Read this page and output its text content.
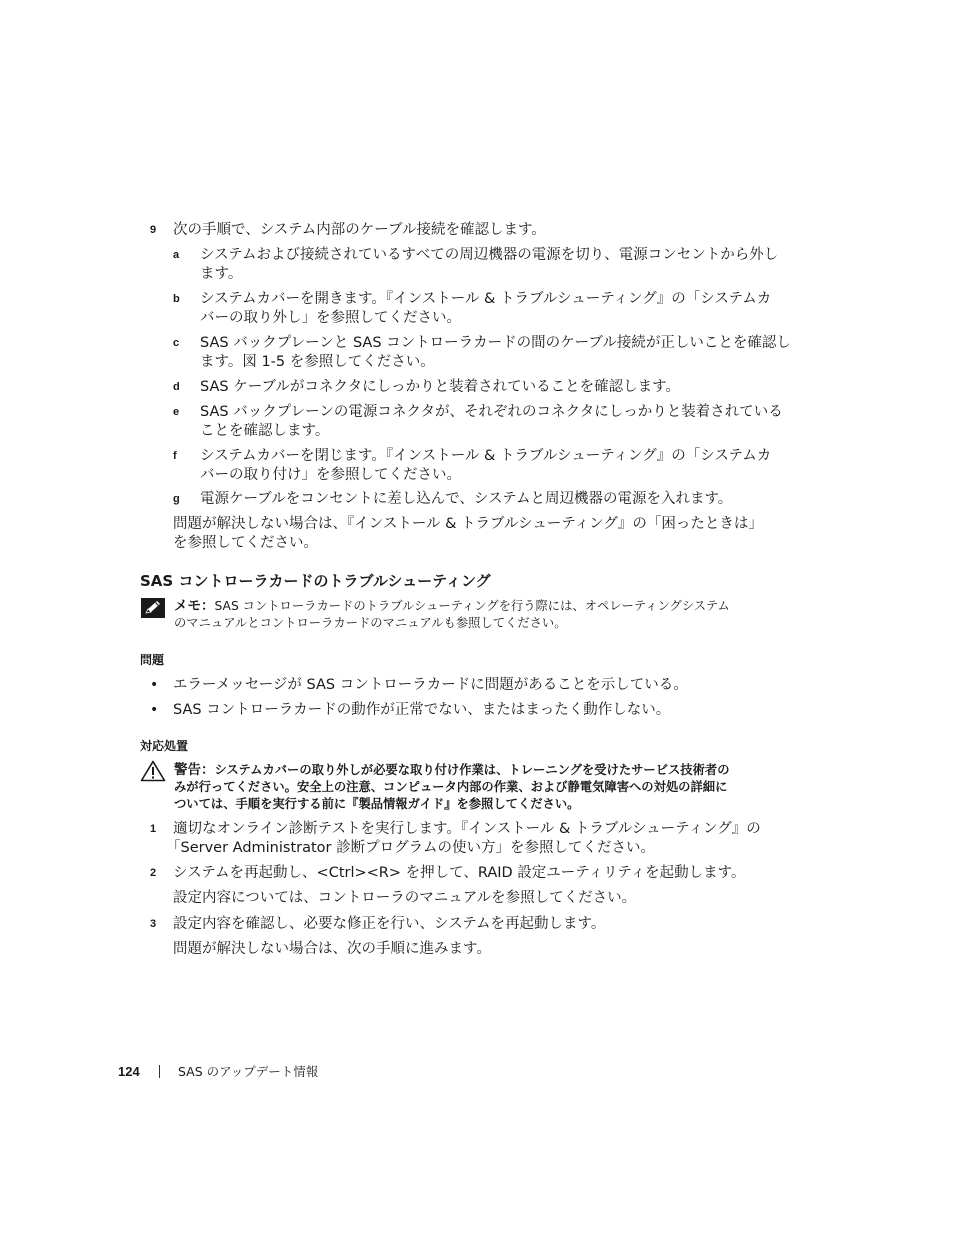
9 次の手順で、システム内部のケーブル接続を確認します。
a システムおよび接続されているすべての周辺機器の電源を切り、電源コンセントから外し
ます。
b システムカバーを開きます。『インストール & トラブルシューティング』の「システムカ
バーの取り外し」を参照してください。
c SAS バックプレーンと SAS コントローラカードの間のケーブル接続が正しいことを確認し
ます。図 1-5 を参照してください。
d SAS ケーブルがコネクタにしっかりと装着されていることを確認します。
e SAS バックプレーンの電源コネクタが、それぞれのコネクタにしっかりと装着されている
ことを確認します。
f システムカバーを閉じます。『インストール & トラブルシューティング』の「システムカ
バーの取り付け」を参照してください。
g 電源ケーブルをコンセントに差し込んで、システムと周辺機器の電源を入れます。
問題が解決しない場合は、『インストール & トラブルシューティング』の「困ったときは」
を参照してください。
SAS コントローラカードのトラブルシューティング
メモ：SAS コントローラカードのトラブルシューティングを行う際には、オペレーティングシステム
のマニュアルとコントローラカードのマニュアルも参照してください。
問題
• エラーメッセージが SAS コントローラカードに問題があることを示している。
• SAS コントローラカードの動作が正常でない、またはまったく動作しない。
対応処置
警告：システムカバーの取り外しが必要な取り付け作業は、トレーニングを受けたサービス技術者の
みが行ってください。安全上の注意、コンピュータ内部の作業、および静電気障害への対処の詳細に
ついては、手順を実行する前に『製品情報ガイド』を参照してください。
1 適切なオンライン診断テストを実行します。『インストール & トラブルシューティング』の
「Server Administrator 診断プログラムの使い方」を参照してください。
2 システムを再起動し、<Ctrl><R> を押して、RAID 設定ユーティリティを起動します。
設定内容については、コントローラのマニュアルを参照してください。
3 設定内容を確認し、必要な修正を行い、システムを再起動します。
問題が解決しない場合は、次の手順に進みます。
124	SAS のアップデート情報
